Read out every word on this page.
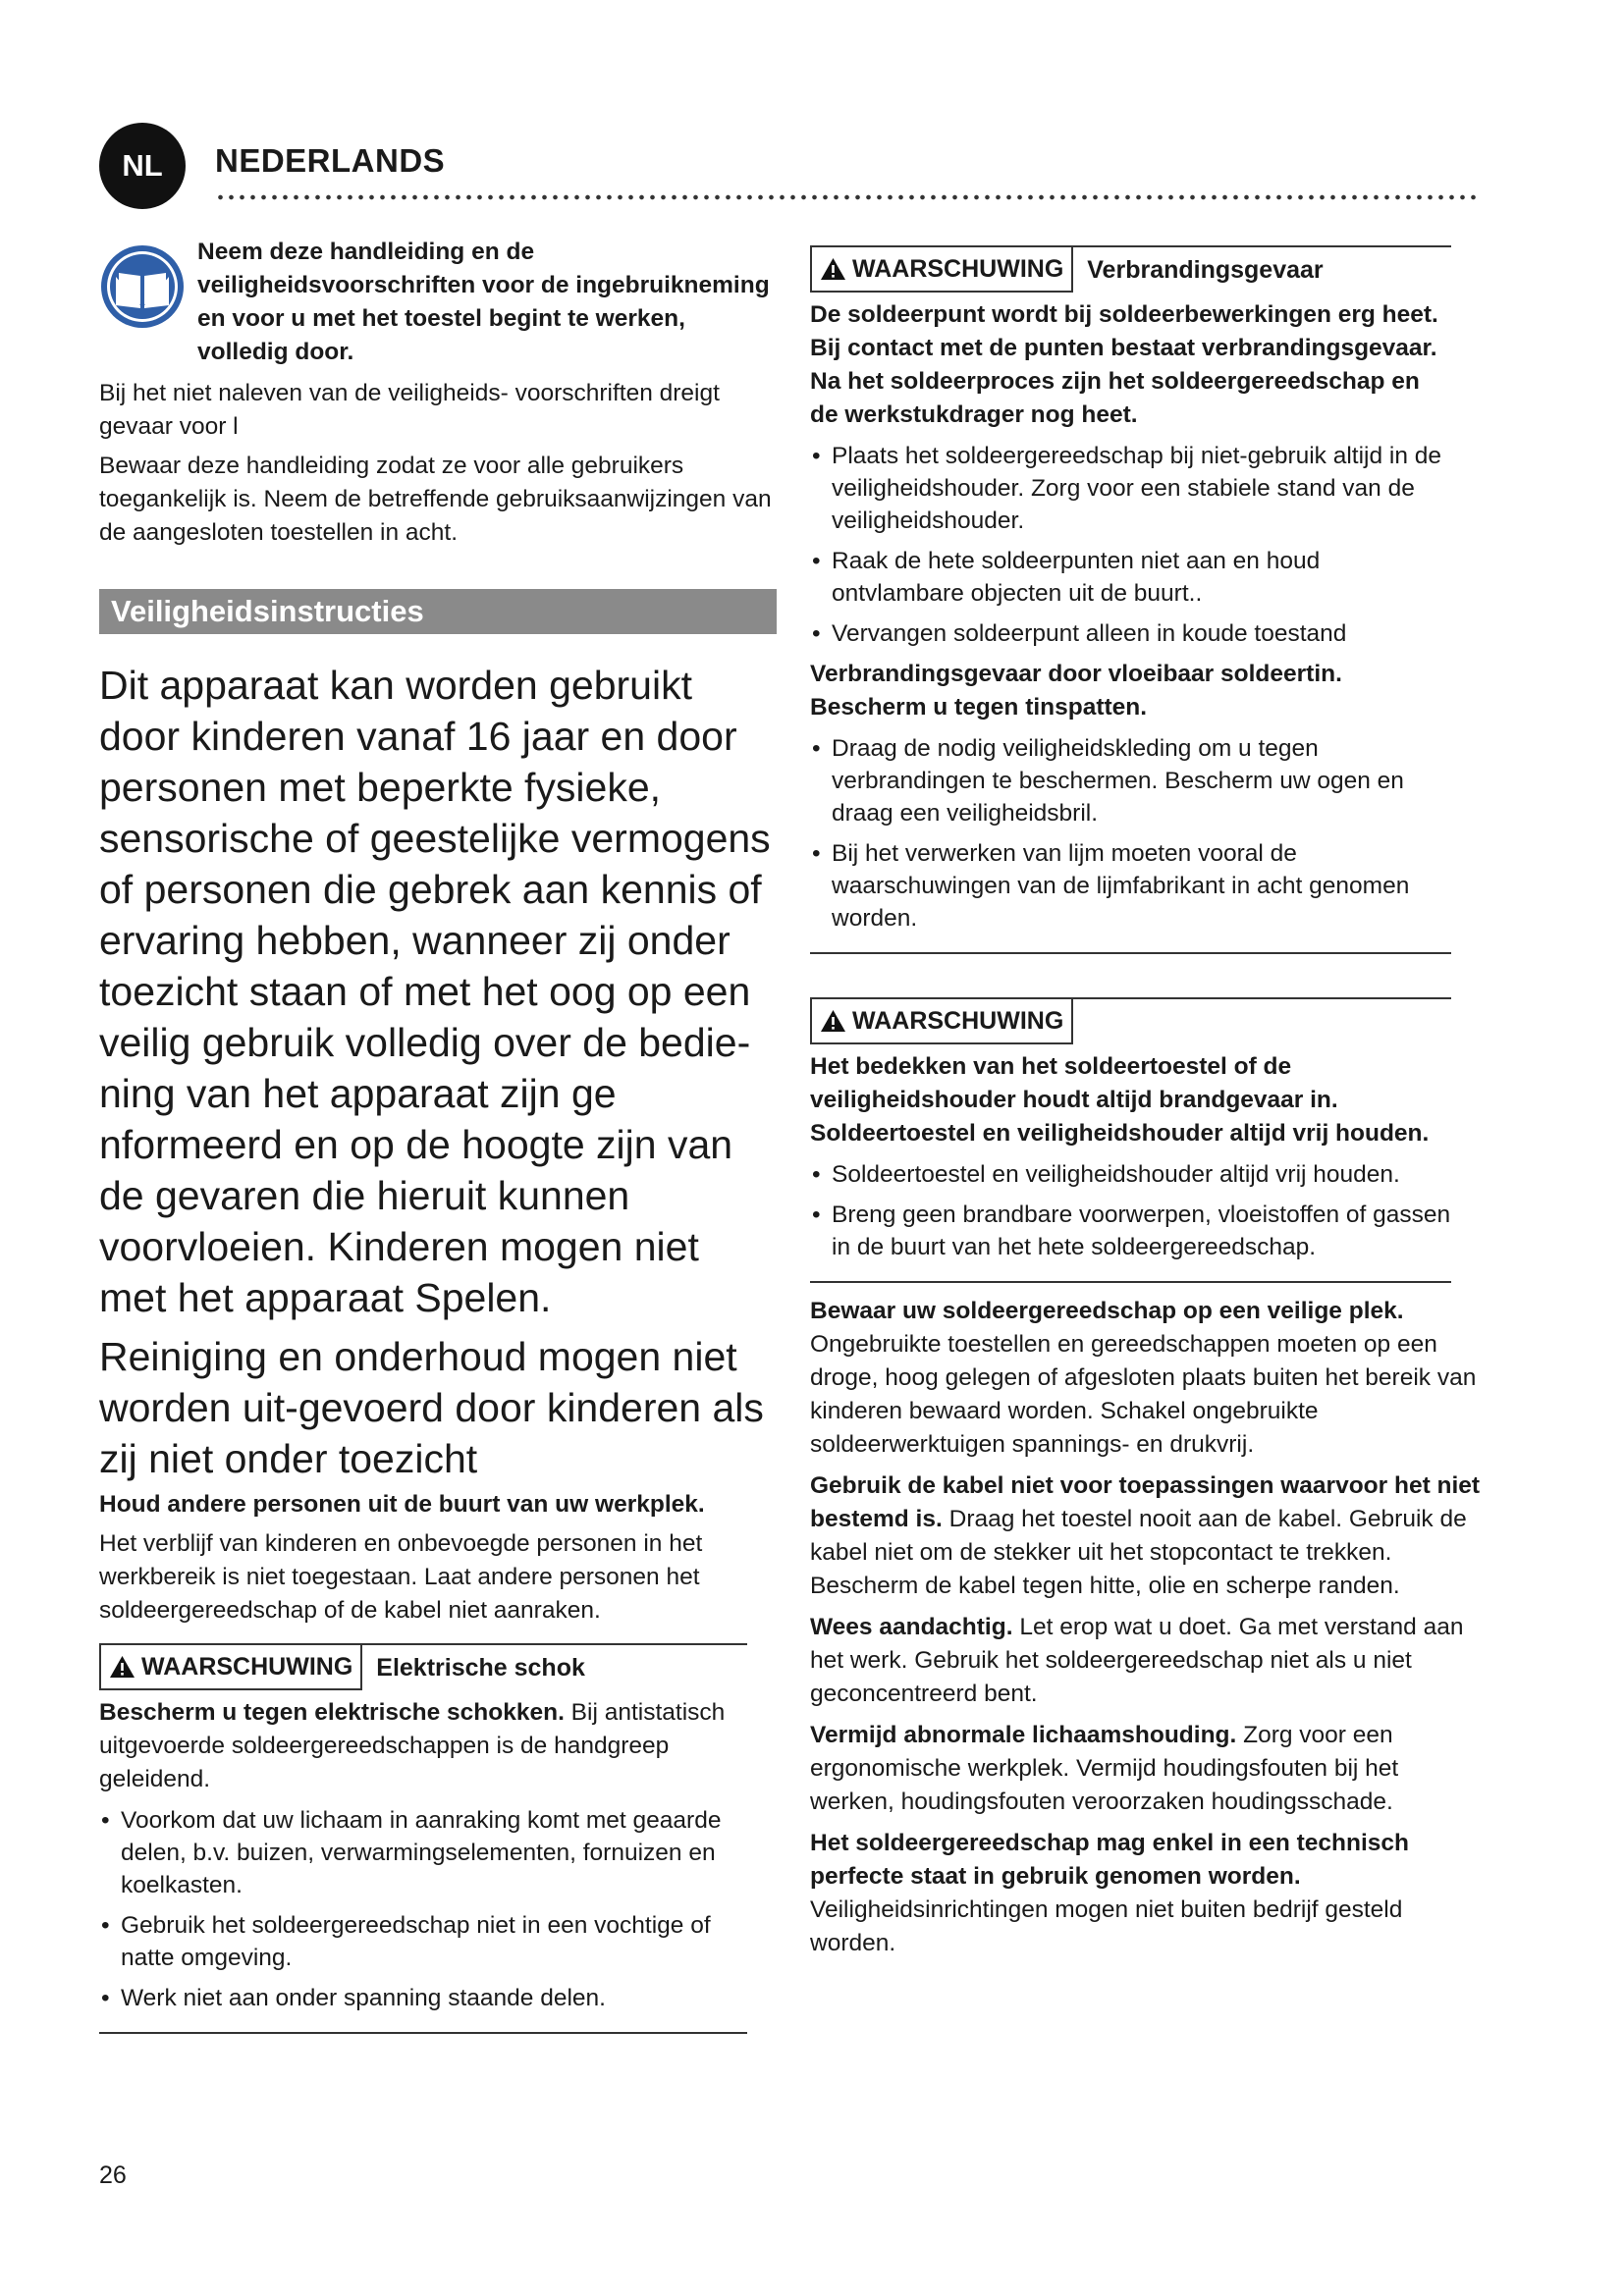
NL	NEDERLANDS

Neem deze handleiding en de veiligheidsvoorschriften voor de ingebruikneming en voor u met het toestel begint te werken, volledig door.

Bij het niet naleven van de veiligheids- voorschriften dreigt gevaar voor l

Bewaar deze handleiding zodat ze voor alle gebruikers toegankelijk is. Neem de betreffende gebruiksaanwijzingen van de aangesloten toestellen in acht.

Veiligheidsinstructies

Dit apparaat kan worden gebruikt door kinderen vanaf 16 jaar en door personen met beperkte fysieke, sensorische of geestelijke vermogens of personen die gebrek aan kennis of ervaring hebben, wanneer zij onder toezicht staan of met het oog op een veilig gebruik volledig over de bedie-ning van het apparaat zijn ge nformeerd en op de hoogte zijn van de gevaren die hieruit kunnen voorvloeien. Kinderen mogen niet met het apparaat Spelen.

Reiniging en onderhoud mogen niet worden uit-gevoerd door kinderen als zij niet onder toezicht

Houd andere personen uit de buurt van uw werkplek.

Het verblijf van kinderen en onbevoegde personen in het werkbereik is niet toegestaan. Laat andere personen het soldeergereedschap of de kabel niet aanraken.

WAARSCHUWING Elektrische schok

Bescherm u tegen elektrische schokken. Bij antistatisch uitgevoerde soldeergereedschappen is de handgreep geleidend.

• Voorkom dat uw lichaam in aanraking komt met geaarde delen, b.v. buizen, verwarmingselementen, fornuizen en koelkasten.
• Gebruik het soldeergereedschap niet in een vochtige of natte omgeving.
• Werk niet aan onder spanning staande delen.
WAARSCHUWING Verbrandingsgevaar

De soldeerpunt wordt bij soldeerbewerkingen erg heet. Bij contact met de punten bestaat verbrandingsgevaar. Na het soldeerproces zijn het soldeergereedschap en de werkstukdrager nog heet.

• Plaats het soldeergereedschap bij niet-gebruik altijd in de veiligheidshouder. Zorg voor een stabiele stand van de veiligheidshouder.
• Raak de hete soldeerpunten niet aan en houd ontvlambare objecten uit de buurt..
• Vervangen soldeerpunt alleen in koude toestand

Verbrandingsgevaar door vloeibaar soldeertin. Bescherm u tegen tinspatten.

• Draag de nodig veiligheidskleding om u tegen verbrandingen te beschermen. Bescherm uw ogen en draag een veiligheidsbril.
• Bij het verwerken van lijm moeten vooral de waarschuwingen van de lijmfabrikant in acht genomen worden.
WAARSCHUWING

Het bedekken van het soldeertoestel of de veiligheidshouder houdt altijd brandgevaar in. Soldeertoestel en veiligheidshouder altijd vrij houden.

• Soldeertoestel en veiligheidshouder altijd vrij houden.
• Breng geen brandbare voorwerpen, vloeistoffen of gassen in de buurt van het hete soldeergereedschap.

Bewaar uw soldeergereedschap op een veilige plek.
Ongebruikte toestellen en gereedschappen moeten op een droge, hoog gelegen of afgesloten plaats buiten het bereik van kinderen bewaard worden. Schakel ongebruikte soldeerwerktuigen spannings- en drukvrij.

Gebruik de kabel niet voor toepassingen waarvoor het niet bestemd is. Draag het toestel nooit aan de kabel. Gebruik de kabel niet om de stekker uit het stopcontact te trekken. Bescherm de kabel tegen hitte, olie en scherpe randen.

Wees aandachtig. Let erop wat u doet. Ga met verstand aan het werk. Gebruik het soldeergereedschap niet als u niet geconcentreerd bent.

Vermijd abnormale lichaamshouding. Zorg voor een ergonomische werkplek. Vermijd houdingsfouten bij het werken, houdingsfouten veroorzaken houdingsschade.

Het soldeergereedschap mag enkel in een technisch perfecte staat in gebruik genomen worden. Veiligheidsinrichtingen mogen niet buiten bedrijf gesteld worden.

26
